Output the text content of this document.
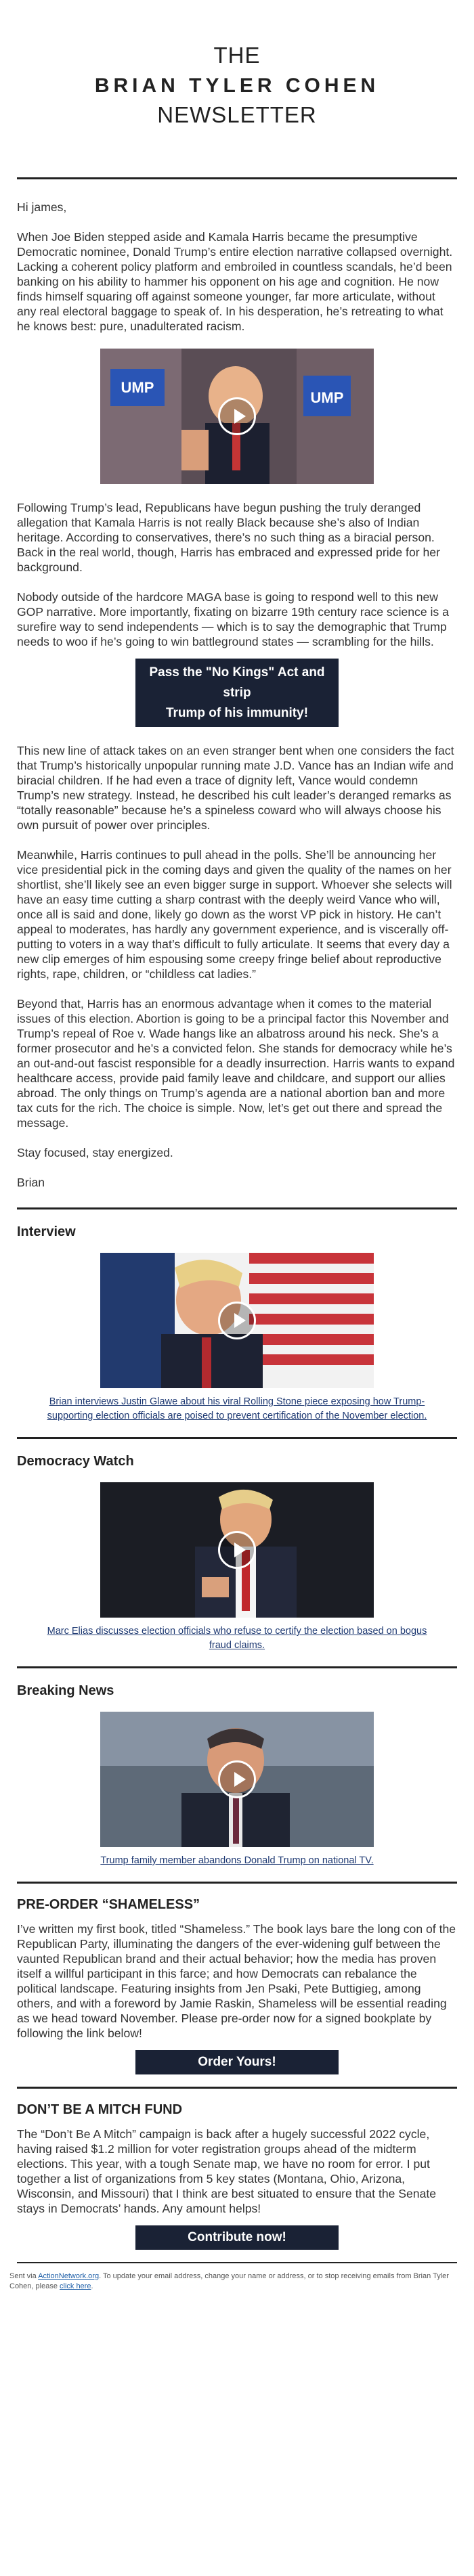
THE
BRIAN TYLER COHEN
NEWSLETTER

Hi james,

When Joe Biden stepped aside and Kamala Harris became the presumptive Democratic nominee, Donald Trump’s entire election narrative collapsed overnight. Lacking a coherent policy platform and embroiled in countless scandals, he’d been banking on his ability to hammer his opponent on his age and cognition. He now finds himself squaring off against someone younger, far more articulate, without any real electoral baggage to speak of. In his desperation, he’s retreating to what he knows best: pure, unadulterated racism.

UMP
UMP

Following Trump’s lead, Republicans have begun pushing the truly deranged allegation that Kamala Harris is not really Black because she’s also of Indian heritage. According to conservatives, there’s no such thing as a biracial person. Back in the real world, though, Harris has embraced and expressed pride for her background.

Nobody outside of the hardcore MAGA base is going to respond well to this new GOP narrative. More importantly, fixating on bizarre 19th century race science is a surefire way to send independents — which is to say the demographic that Trump needs to woo if he’s going to win battleground states — scrambling for the hills.

Pass the "No Kings" Act and strip
Trump of his immunity!

This new line of attack takes on an even stranger bent when one considers the fact that Trump’s historically unpopular running mate J.D. Vance has an Indian wife and biracial children. If he had even a trace of dignity left, Vance would condemn Trump’s new strategy. Instead, he described his cult leader’s deranged remarks as “totally reasonable” because he’s a spineless coward who will always choose his own pursuit of power over principles.

Meanwhile, Harris continues to pull ahead in the polls. She’ll be announcing her vice presidential pick in the coming days and given the quality of the names on her shortlist, she’ll likely see an even bigger surge in support. Whoever she selects will have an easy time cutting a sharp contrast with the deeply weird Vance who will, once all is said and done, likely go down as the worst VP pick in history. He can’t appeal to moderates, has hardly any government experience, and is viscerally off-putting to voters in a way that’s difficult to fully articulate. It seems that every day a new clip emerges of him espousing some creepy fringe belief about reproductive rights, rape, children, or “childless cat ladies.”

Beyond that, Harris has an enormous advantage when it comes to the material issues of this election. Abortion is going to be a principal factor this November and Trump’s repeal of Roe v. Wade hangs like an albatross around his neck. She’s a former prosecutor and he’s a convicted felon. She stands for democracy while he’s an out-and-out fascist responsible for a deadly insurrection. Harris wants to expand healthcare access, provide paid family leave and childcare, and support our allies abroad. The only things on Trump’s agenda are a national abortion ban and more tax cuts for the rich. The choice is simple. Now, let’s get out there and spread the message.

Stay focused, stay energized.

Brian

Interview

Brian interviews Justin Glawe about his viral Rolling Stone piece exposing how Trump-supporting election officials are poised to prevent certification of the November election.

Democracy Watch

Marc Elias discusses election officials who refuse to certify the election based on bogus fraud claims.

Breaking News

Trump family member abandons Donald Trump on national TV.

PRE-ORDER “SHAMELESS”

I’ve written my first book, titled “Shameless.” The book lays bare the long con of the Republican Party, illuminating the dangers of the ever-widening gulf between the vaunted Republican brand and their actual behavior; how the media has proven itself a willful participant in this farce; and how Democrats can rebalance the political landscape. Featuring insights from Jen Psaki, Pete Buttigieg, among others, and with a foreword by Jamie Raskin, Shameless will be essential reading as we head toward November. Please pre-order now for a signed bookplate by following the link below!

Order Yours!
DON’T BE A MITCH FUND

The “Don’t Be A Mitch” campaign is back after a hugely successful 2022 cycle, having raised $1.2 million for voter registration groups ahead of the midterm elections. This year, with a tough Senate map, we have no room for error. I put together a list of organizations from 5 key states (Montana, Ohio, Arizona, Wisconsin, and Missouri) that I think are best situated to ensure that the Senate stays in Democrats’ hands. Any amount helps!

Contribute now!
Sent via ActionNetwork.org. To update your email address, change your name or address, or to stop receiving emails from Brian Tyler Cohen, please click here.
